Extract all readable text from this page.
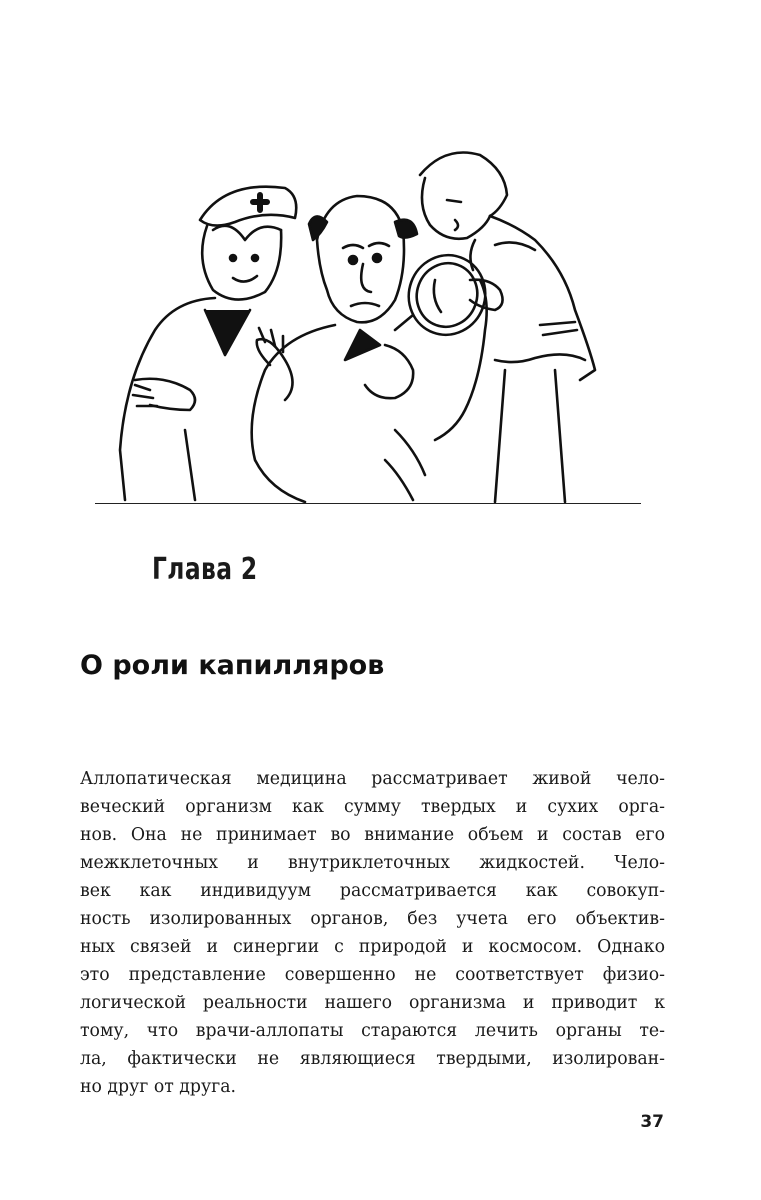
Глава 2
О роли капилляров
Аллопатическая медицина рассматривает живой чело-
веческий организм как сумму твердых и сухих орга-
нов. Она не принимает во внимание объем и состав его
межклеточных и внутриклеточных жидкостей. Чело-
век как индивидуум рассматривается как совокуп-
ность изолированных органов, без учета его объектив-
ных связей и синергии с природой и космосом. Однако
это представление совершенно не соответствует физио-
логической реальности нашего организма и приводит к
тому, что врачи-аллопаты стараются лечить органы те-
ла, фактически не являющиеся твердыми, изолирован-
но друг от друга.
37
